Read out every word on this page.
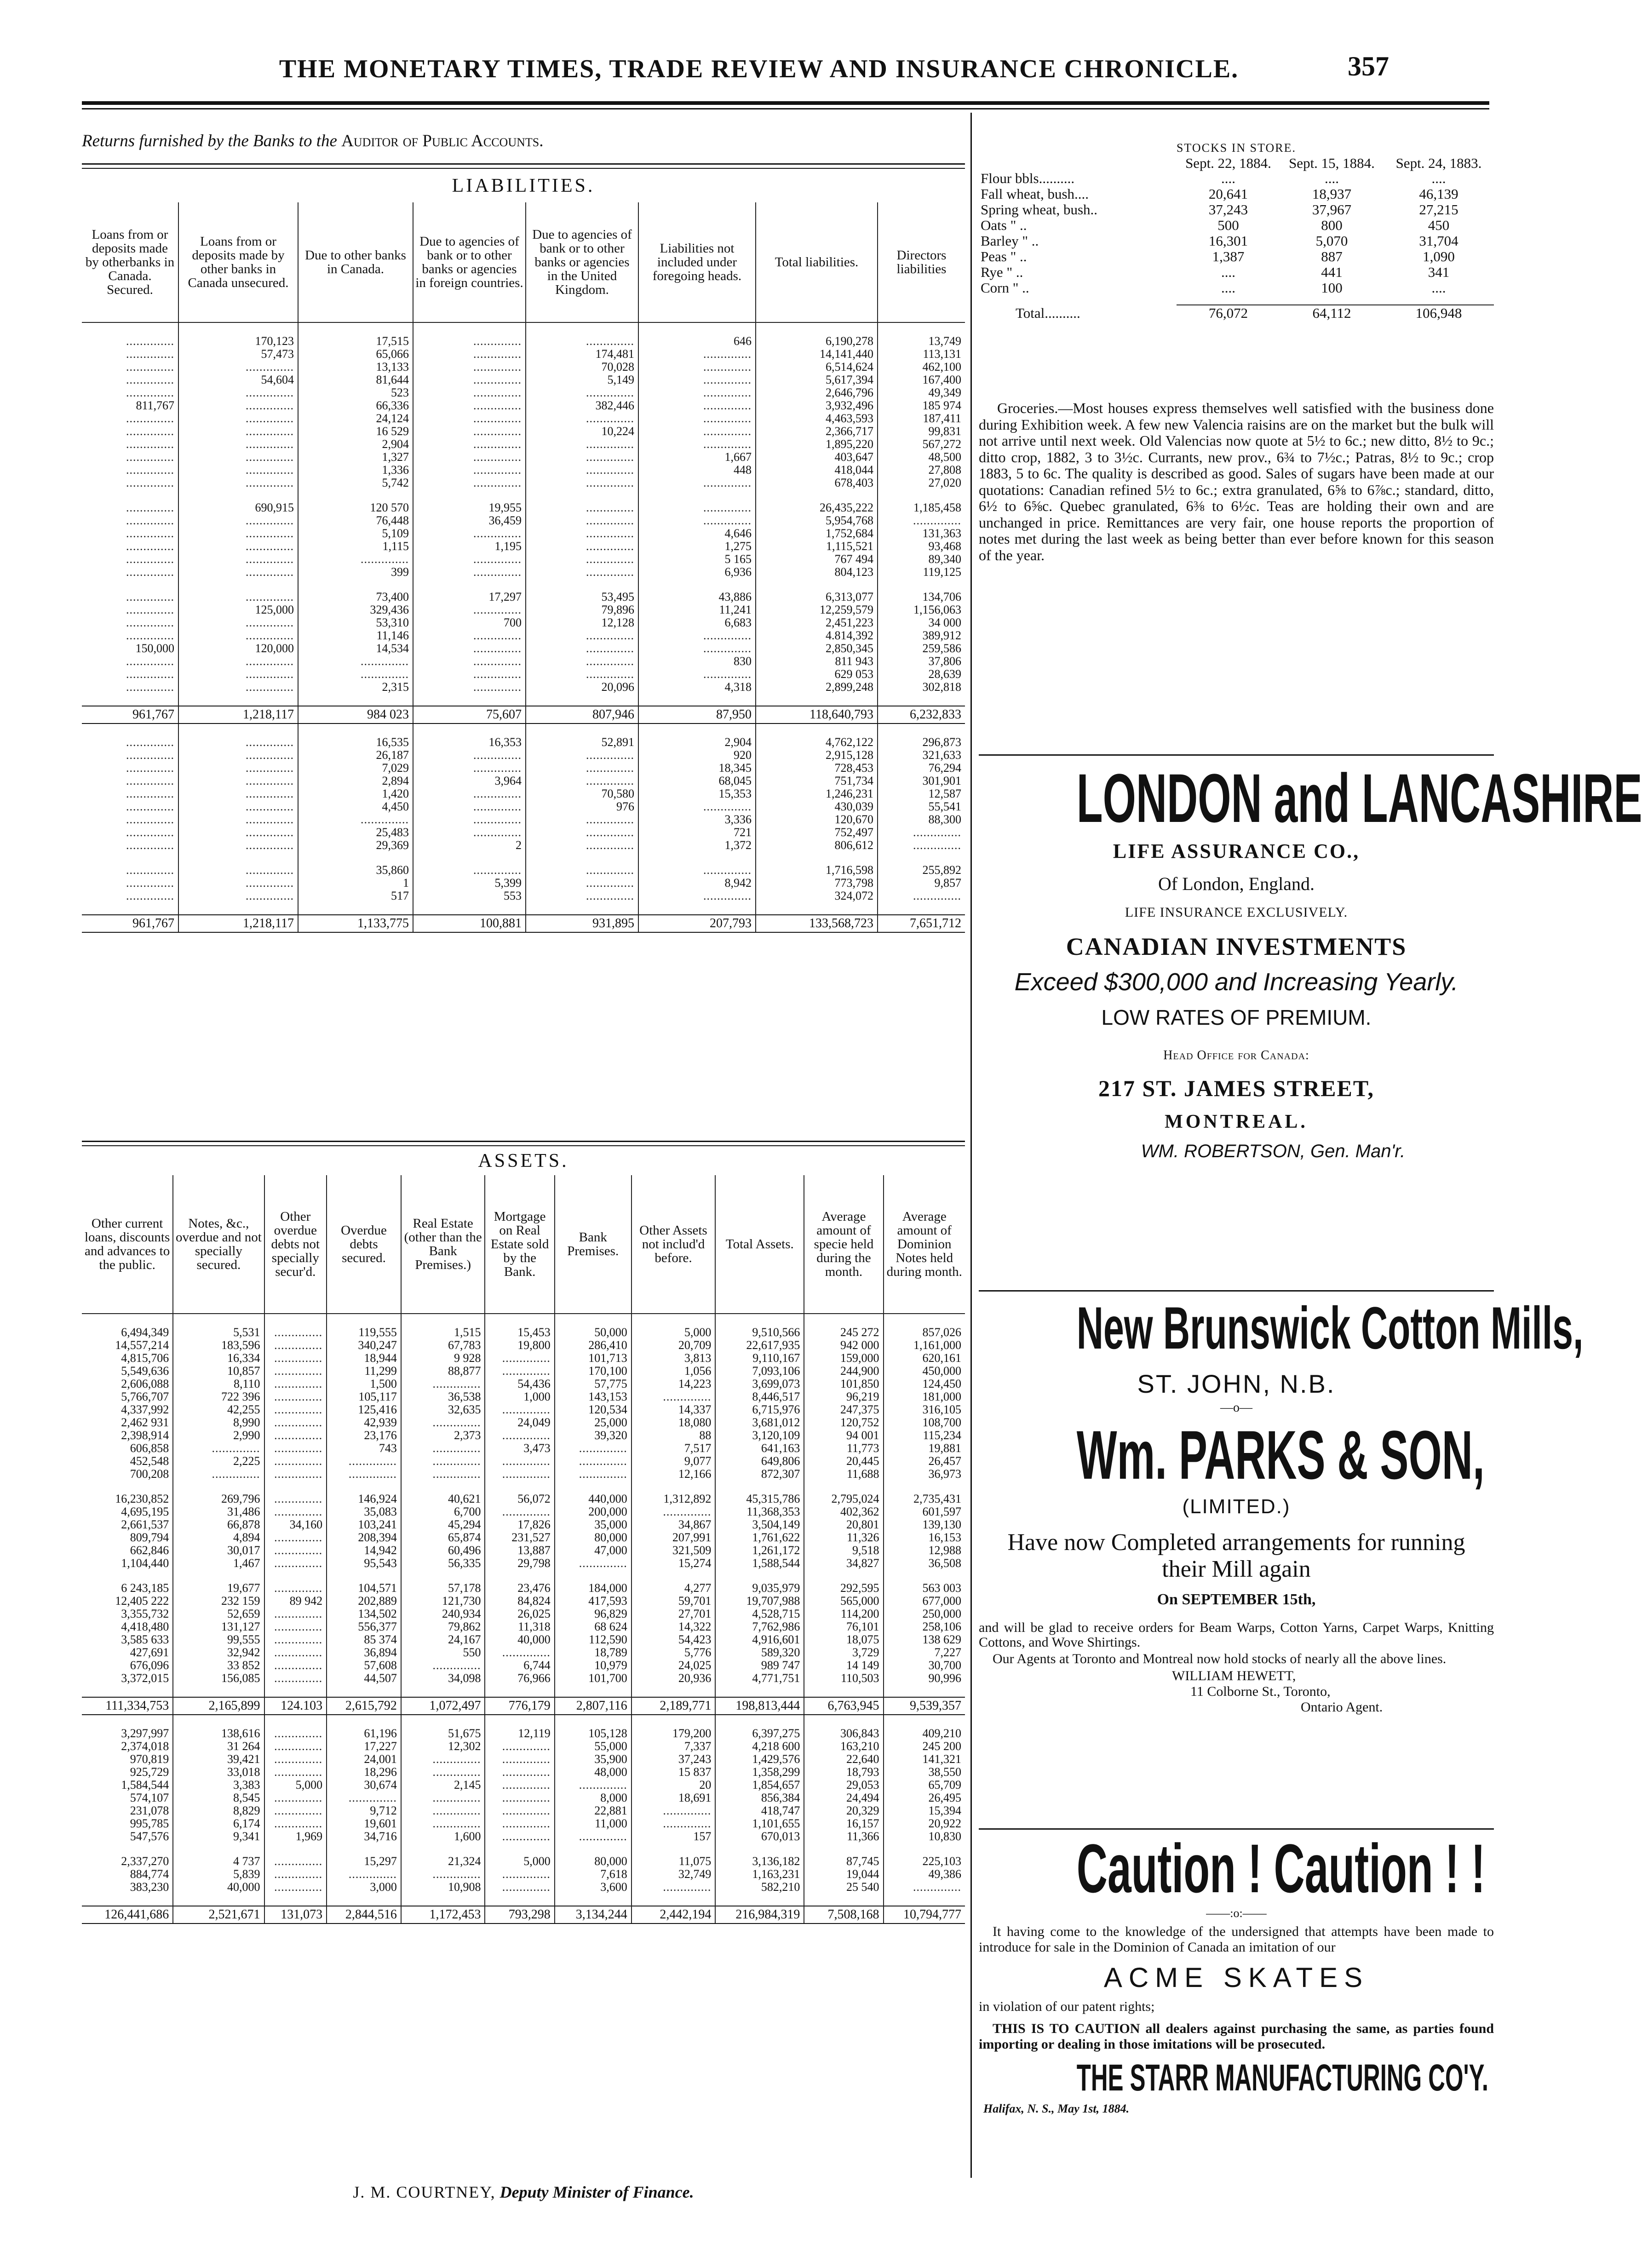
THE MONETARY TIMES, TRADE REVIEW AND INSURANCE CHRONICLE.	357
Returns furnished by the Banks to the Auditor of Public Accounts.
LIABILITIES.
Loans from or deposits made by otherbanks in Canada. Secured.	Loans from or deposits made by other banks in Canada unsecured.	Due to other banks in Canada.	Due to agencies of bank or to other banks or agencies in foreign countries.	Due to agencies of bank or to other banks or agencies in the United Kingdom.	Liabilities not included under foregoing heads.	Total liabilities.	Directors liabilities

..............	170,123	17,515	..............	..............	646	6,190,278	13,749
..............	57,473	65,066	..............	174,481	..............	14,141,440	113,131
..............	..............	13,133	..............	70,028	..............	6,514,624	462,100
..............	54,604	81,644	..............	5,149	..............	5,617,394	167,400
..............	..............	523	..............	..............	..............	2,646,796	49,349
811,767	..............	66,336	..............	382,446	..............	3,932,496	185 974
..............	..............	24,124	..............	..............	..............	4,463,593	187,411
..............	..............	16 529	..............	10,224	..............	2,366,717	99,831
..............	..............	2,904	..............	..............	..............	1,895,220	567,272
..............	..............	1,327	..............	..............	1,667	403,647	48,500
..............	..............	1,336	..............	..............	448	418,044	27,808
..............	..............	5,742	..............	..............	..............	678,403	27,020

..............	690,915	120 570	19,955	..............	..............	26,435,222	1,185,458
..............	..............	76,448	36,459	..............	..............	5,954,768	..............
..............	..............	5,109	..............	..............	4,646	1,752,684	131,363
..............	..............	1,115	1,195	..............	1,275	1,115,521	93,468
..............	..............	..............	..............	..............	5 165	767 494	89,340
..............	..............	399	..............	..............	6,936	804,123	119,125

..............	..............	73,400	17,297	53,495	43,886	6,313,077	134,706
..............	125,000	329,436	..............	79,896	11,241	12,259,579	1,156,063
..............	..............	53,310	700	12,128	6,683	2,451,223	34 000
..............	..............	11,146	..............	..............	..............	4.814,392	389,912
150,000	120,000	14,534	..............	..............	..............	2,850,345	259,586
..............	..............	..............	..............	..............	830	811 943	37,806
..............	..............	..............	..............	..............	..............	629 053	28,639
..............	..............	2,315	..............	20,096	4,318	2,899,248	302,818

961,767	1,218,117	984 023	75,607	807,946	87,950	118,640,793	6,232,833

..............	..............	16,535	16,353	52,891	2,904	4,762,122	296,873
..............	..............	26,187	..............	..............	920	2,915,128	321,633
..............	..............	7,029	..............	..............	18,345	728,453	76,294
..............	..............	2,894	3,964	..............	68,045	751,734	301,901
..............	..............	1,420	..............	70,580	15,353	1,246,231	12,587
..............	..............	4,450	..............	976	..............	430,039	55,541
..............	..............	..............	..............	..............	3,336	120,670	88,300
..............	..............	25,483	..............	..............	721	752,497	..............
..............	..............	29,369	2	..............	1,372	806,612	..............

..............	..............	35,860	..............	..............	..............	1,716,598	255,892
..............	..............	1	5,399	..............	8,942	773,798	9,857
..............	..............	517	553	..............	..............	324,072	..............

961,767	1,218,117	1,133,775	100,881	931,895	207,793	133,568,723	7,651,712
ASSETS.
Other current loans, discounts and advances to the public.	Notes, &c., overdue and not specially secured.	Other overdue debts not specially secur'd.	Overdue debts secured.	Real Estate (other than the Bank Premises.)	Mortgage on Real Estate sold by the Bank.	Bank Premises.	Other Assets not includ'd before.	Total Assets.	Average amount of specie held during the month.	Average amount of Dominion Notes held during month.

6,494,349	5,531	..............	119,555	1,515	15,453	50,000	5,000	9,510,566	245 272	857,026
14,557,214	183,596	..............	340,247	67,783	19,800	286,410	20,709	22,617,935	942 000	1,161,000
4,815,706	16,334	..............	18,944	9 928	..............	101,713	3,813	9,110,167	159,000	620,161
5,549,636	10,857	..............	11,299	88,877	..............	170,100	1,056	7,093,106	244,900	450,000
2,606,088	8,110	..............	1,500	..............	54,436	57,775	14,223	3,699,073	101,850	124,450
5,766,707	722 396	..............	105,117	36,538	1,000	143,153	..............	8,446,517	96,219	181,000
4,337,992	42,255	..............	125,416	32,635	..............	120,534	14,337	6,715,976	247,375	316,105
2,462 931	8,990	..............	42,939	..............	24,049	25,000	18,080	3,681,012	120,752	108,700
2,398,914	2,990	..............	23,176	2,373	..............	39,320	88	3,120,109	94 001	115,234
606,858	..............	..............	743	..............	3,473	..............	7,517	641,163	11,773	19,881
452,548	2,225	..............	..............	..............	..............	..............	9,077	649,806	20,445	26,457
700,208	..............	..............	..............	..............	..............	..............	12,166	872,307	11,688	36,973

16,230,852	269,796	..............	146,924	40,621	56,072	440,000	1,312,892	45,315,786	2,795,024	2,735,431
4,695,195	31,486	..............	35,083	6,700	..............	200,000	..............	11,368,353	402,362	601,597
2,661,537	66,878	34,160	103,241	45,294	17,826	35,000	34,867	3,504,149	20,801	139,130
809,794	4,894	..............	208,394	65,874	231,527	80,000	207,991	1,761,622	11,326	16,153
662,846	30,017	..............	14,942	60,496	13,887	47,000	321,509	1,261,172	9,518	12,988
1,104,440	1,467	..............	95,543	56,335	29,798	..............	15,274	1,588,544	34,827	36,508

6 243,185	19,677	..............	104,571	57,178	23,476	184,000	4,277	9,035,979	292,595	563 003
12,405 222	232 159	89 942	202,889	121,730	84,824	417,593	59,701	19,707,988	565,000	677,000
3,355,732	52,659	..............	134,502	240,934	26,025	96,829	27,701	4,528,715	114,200	250,000
4,418,480	131,127	..............	556,377	79,862	11,318	68 624	14,322	7,762,986	76,101	258,106
3,585 633	99,555	..............	85 374	24,167	40,000	112,590	54,423	4,916,601	18,075	138 629
427,691	32,942	..............	36,894	550	..............	18,789	5,776	589,320	3,729	7,227
676,096	33 852	..............	57,608	..............	6,744	10,979	24,025	989 747	14 149	30,700
3,372,015	156,085	..............	44,507	34,098	76,966	101,700	20,936	4,771,751	110,503	90,996

111,334,753	2,165,899	124.103	2,615,792	1,072,497	776,179	2,807,116	2,189,771	198,813,444	6,763,945	9,539,357

3,297,997	138,616	..............	61,196	51,675	12,119	105,128	179,200	6,397,275	306,843	409,210
2,374,018	31 264	..............	17,227	12,302	..............	55,000	7,337	4,218 600	163,210	245 200
970,819	39,421	..............	24,001	..............	..............	35,900	37,243	1,429,576	22,640	141,321
925,729	33,018	..............	18,296	..............	..............	48,000	15 837	1,358,299	18,793	38,550
1,584,544	3,383	5,000	30,674	2,145	..............	..............	20	1,854,657	29,053	65,709
574,107	8,545	..............	..............	..............	..............	8,000	18,691	856,384	24,494	26,495
231,078	8,829	..............	9,712	..............	..............	22,881	..............	418,747	20,329	15,394
995,785	6,174	..............	19,601	..............	..............	11,000	..............	1,101,655	16,157	20,922
547,576	9,341	1,969	34,716	1,600	..............	..............	157	670,013	11,366	10,830

2,337,270	4 737	..............	15,297	21,324	5,000	80,000	11,075	3,136,182	87,745	225,103
884,774	5,839	..............	..............	..............	..............	7,618	32,749	1,163,231	19,044	49,386
383,230	40,000	..............	3,000	10,908	..............	3,600	..............	582,210	25 540	..............

126,441,686	2,521,671	131,073	2,844,516	1,172,453	793,298	3,134,244	2,442,194	216,984,319	7,508,168	10,794,777
J. M. COURTNEY, Deputy Minister of Finance.
STOCKS IN STORE.
	Sept. 22, 1884.	Sept. 15, 1884.	Sept. 24, 1883.
Flour bbls..........	....	....	....
Fall wheat, bush....	20,641	18,937	46,139
Spring wheat, bush..	37,243	37,967	27,215
Oats " ..	500	800	450
Barley " ..	16,301	5,070	31,704
Peas " ..	1,387	887	1,090
Rye " ..	....	441	341
Corn " ..	....	100	....

Total..........	76,072	64,112	106,948
Groceries.—Most houses express themselves well satisfied with the business done during Exhibition week. A few new Valencia raisins are on the market but the bulk will not arrive until next week. Old Valencias now quote at 5½ to 6c.; new ditto, 8½ to 9c.; ditto crop, 1882, 3 to 3½c. Currants, new prov., 6¾ to 7½c.; Patras, 8½ to 9c.; crop 1883, 5 to 6c. The quality is described as good. Sales of sugars have been made at our quotations: Canadian refined 5½ to 6c.; extra granulated, 6⅝ to 6⅞c.; standard, ditto, 6½ to 6⅝c. Quebec granulated, 6⅜ to 6½c. Teas are holding their own and are unchanged in price. Remittances are very fair, one house reports the proportion of notes met during the last week as being better than ever before known for this season of the year.
LONDON and LANCASHIRE
LIFE ASSURANCE CO.,
Of London, England.
LIFE INSURANCE EXCLUSIVELY.
CANADIAN INVESTMENTS
Exceed $300,000 and Increasing Yearly.
LOW RATES OF PREMIUM.
Head Office for Canada:
217 ST. JAMES STREET,
MONTREAL.
WM. ROBERTSON, Gen. Man'r.
New Brunswick Cotton Mills,
ST. JOHN, N.B.
—o—
Wm. PARKS & SON,
(LIMITED.)
Have now Completed arrangements for running their Mill again
On SEPTEMBER 15th,
and will be glad to receive orders for Beam Warps, Cotton Yarns, Carpet Warps, Knitting Cottons, and Wove Shirtings.
Our Agents at Toronto and Montreal now hold stocks of nearly all the above lines.
WILLIAM HEWETT,
11 Colborne St., Toronto,
Ontario Agent.
Caution ! Caution ! !
——:o:——
It having come to the knowledge of the undersigned that attempts have been made to introduce for sale in the Dominion of Canada an imitation of our
ACME SKATES
in violation of our patent rights;
THIS IS TO CAUTION all dealers against purchasing the same, as parties found importing or dealing in those imitations will be prosecuted.
THE STARR MANUFACTURING CO'Y.
Halifax, N. S., May 1st, 1884.
